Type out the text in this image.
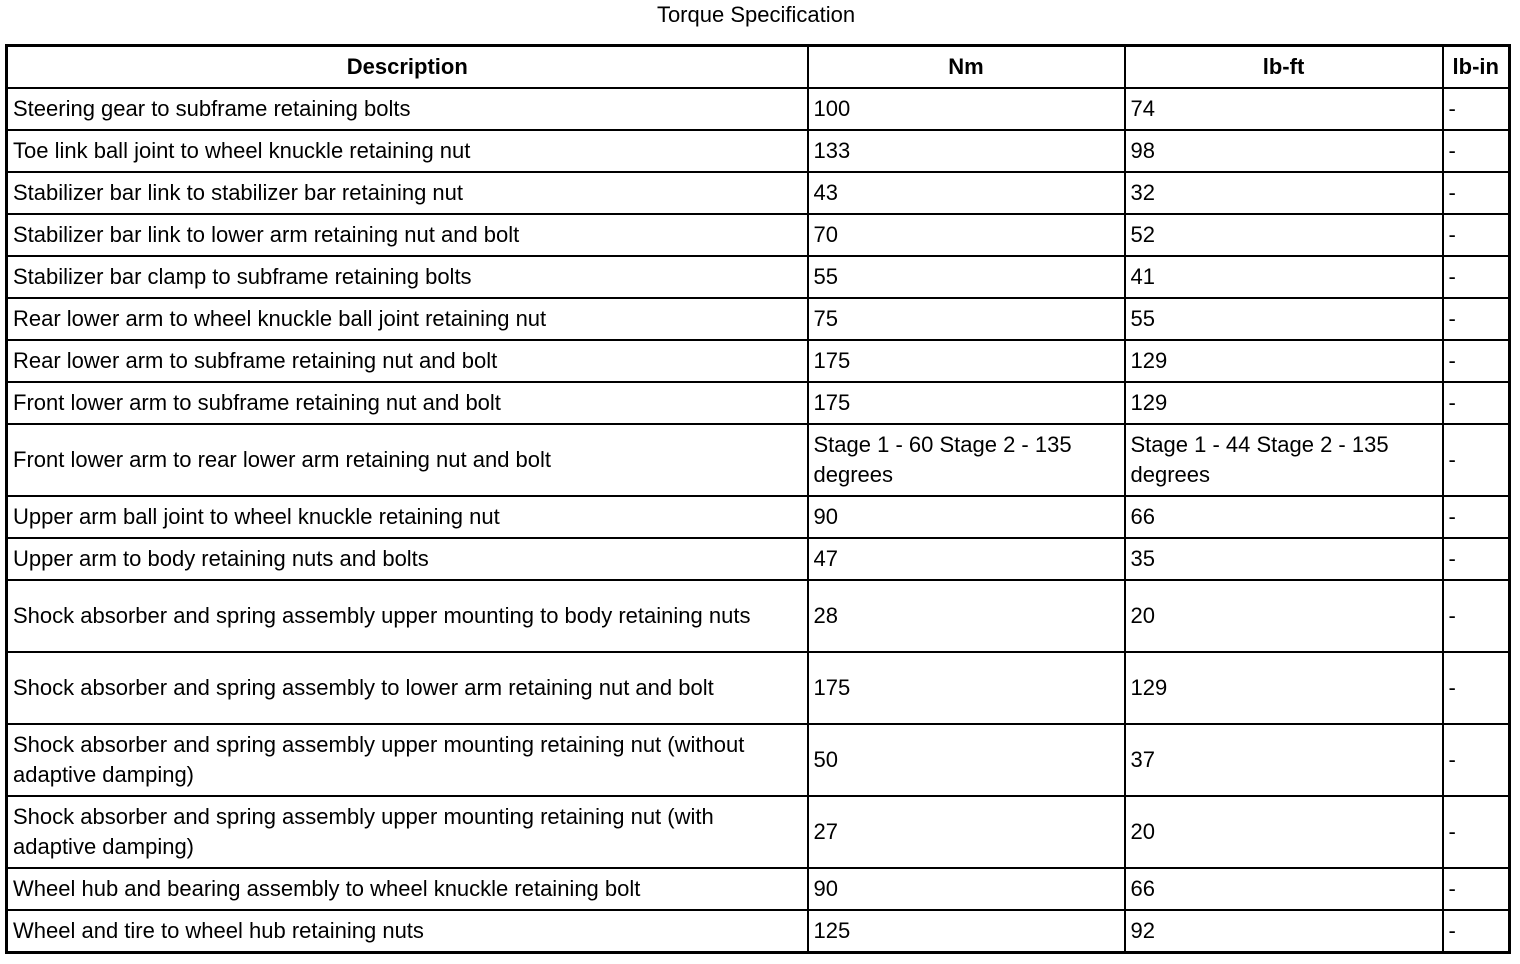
Torque Specification
Description	Nm	lb-ft	lb-in
Steering gear to subframe retaining bolts	100	74	-
Toe link ball joint to wheel knuckle retaining nut	133	98	-
Stabilizer bar link to stabilizer bar retaining nut	43	32	-
Stabilizer bar link to lower arm retaining nut and bolt	70	52	-
Stabilizer bar clamp to subframe retaining bolts	55	41	-
Rear lower arm to wheel knuckle ball joint retaining nut	75	55	-
Rear lower arm to subframe retaining nut and bolt	175	129	-
Front lower arm to subframe retaining nut and bolt	175	129	-
Front lower arm to rear lower arm retaining nut and bolt	Stage 1 - 60 Stage 2 - 135 degrees	Stage 1 - 44 Stage 2 - 135 degrees	-
Upper arm ball joint to wheel knuckle retaining nut	90	66	-
Upper arm to body retaining nuts and bolts	47	35	-
Shock absorber and spring assembly upper mounting to body retaining nuts	28	20	-
Shock absorber and spring assembly to lower arm retaining nut and bolt	175	129	-
Shock absorber and spring assembly upper mounting retaining nut (without adaptive damping)	50	37	-
Shock absorber and spring assembly upper mounting retaining nut (with adaptive damping)	27	20	-
Wheel hub and bearing assembly to wheel knuckle retaining bolt	90	66	-
Wheel and tire to wheel hub retaining nuts	125	92	-
